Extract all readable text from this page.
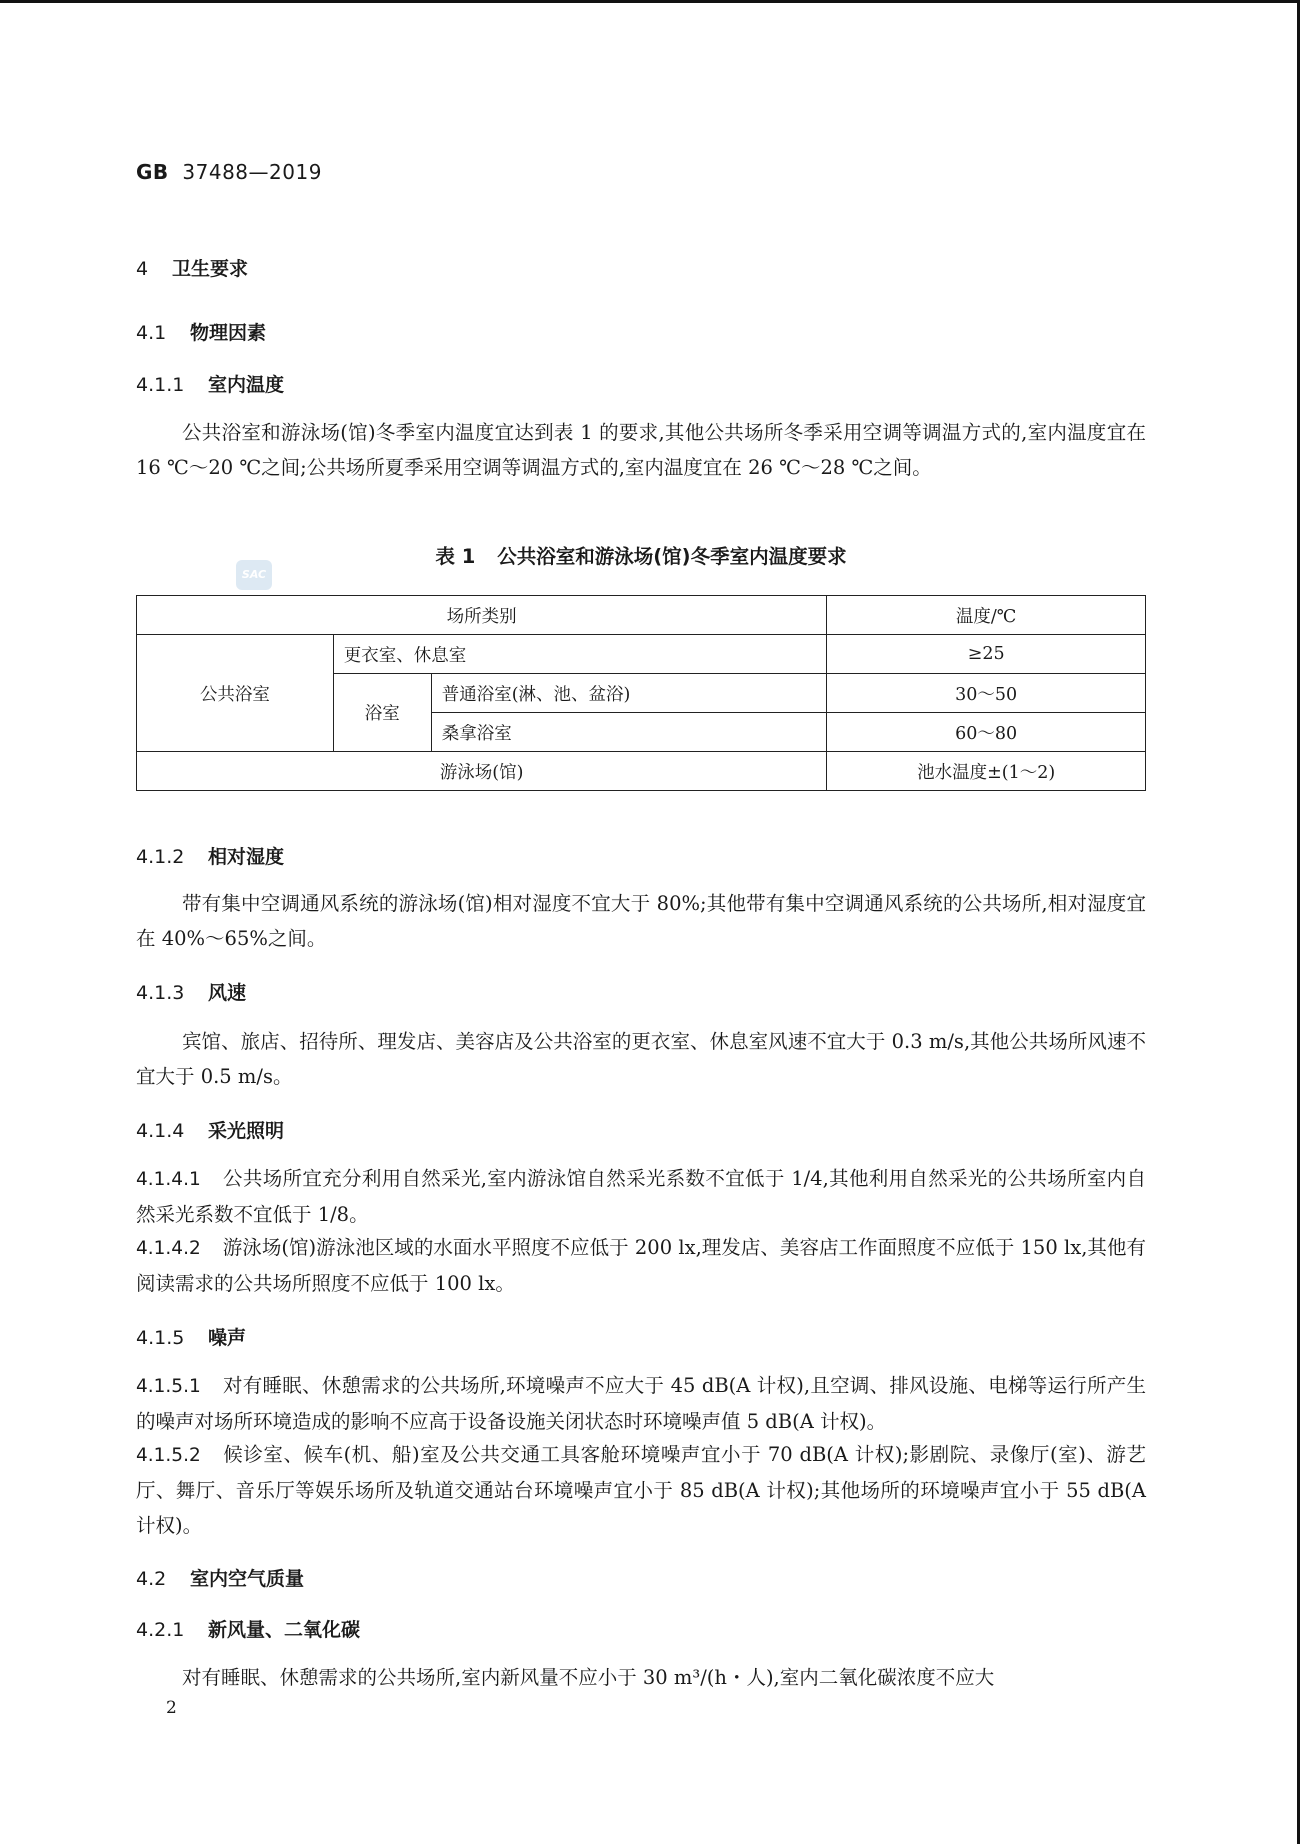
GB 37488—2019
4 卫生要求
4.1 物理因素
4.1.1 室内温度
公共浴室和游泳场(馆)冬季室内温度宜达到表 1 的要求,其他公共场所冬季采用空调等调温方式的,室内温度宜在 16 ℃～20 ℃之间;公共场所夏季采用空调等调温方式的,室内温度宜在 26 ℃～28 ℃之间。
表 1 公共浴室和游泳场(馆)冬季室内温度要求
SAC
场所类别			温度/℃
公共浴室	更衣室、休息室		≥25
	浴室	普通浴室(淋、池、盆浴)	30～50
		桑拿浴室	60～80
游泳场(馆)			池水温度±(1～2)
4.1.2 相对湿度
带有集中空调通风系统的游泳场(馆)相对湿度不宜大于 80%;其他带有集中空调通风系统的公共场所,相对湿度宜在 40%～65%之间。
4.1.3 风速
宾馆、旅店、招待所、理发店、美容店及公共浴室的更衣室、休息室风速不宜大于 0.3 m/s,其他公共场所风速不宜大于 0.5 m/s。
4.1.4 采光照明
4.1.4.1 公共场所宜充分利用自然采光,室内游泳馆自然采光系数不宜低于 1/4,其他利用自然采光的公共场所室内自然采光系数不宜低于 1/8。
4.1.4.2 游泳场(馆)游泳池区域的水面水平照度不应低于 200 lx,理发店、美容店工作面照度不应低于 150 lx,其他有阅读需求的公共场所照度不应低于 100 lx。
4.1.5 噪声
4.1.5.1 对有睡眠、休憩需求的公共场所,环境噪声不应大于 45 dB(A 计权),且空调、排风设施、电梯等运行所产生的噪声对场所环境造成的影响不应高于设备设施关闭状态时环境噪声值 5 dB(A 计权)。
4.1.5.2 候诊室、候车(机、船)室及公共交通工具客舱环境噪声宜小于 70 dB(A 计权);影剧院、录像厅(室)、游艺厅、舞厅、音乐厅等娱乐场所及轨道交通站台环境噪声宜小于 85 dB(A 计权);其他场所的环境噪声宜小于 55 dB(A 计权)。
4.2 室内空气质量
4.2.1 新风量、二氧化碳
对有睡眠、休憩需求的公共场所,室内新风量不应小于 30 m³/(h・人),室内二氧化碳浓度不应大
2
